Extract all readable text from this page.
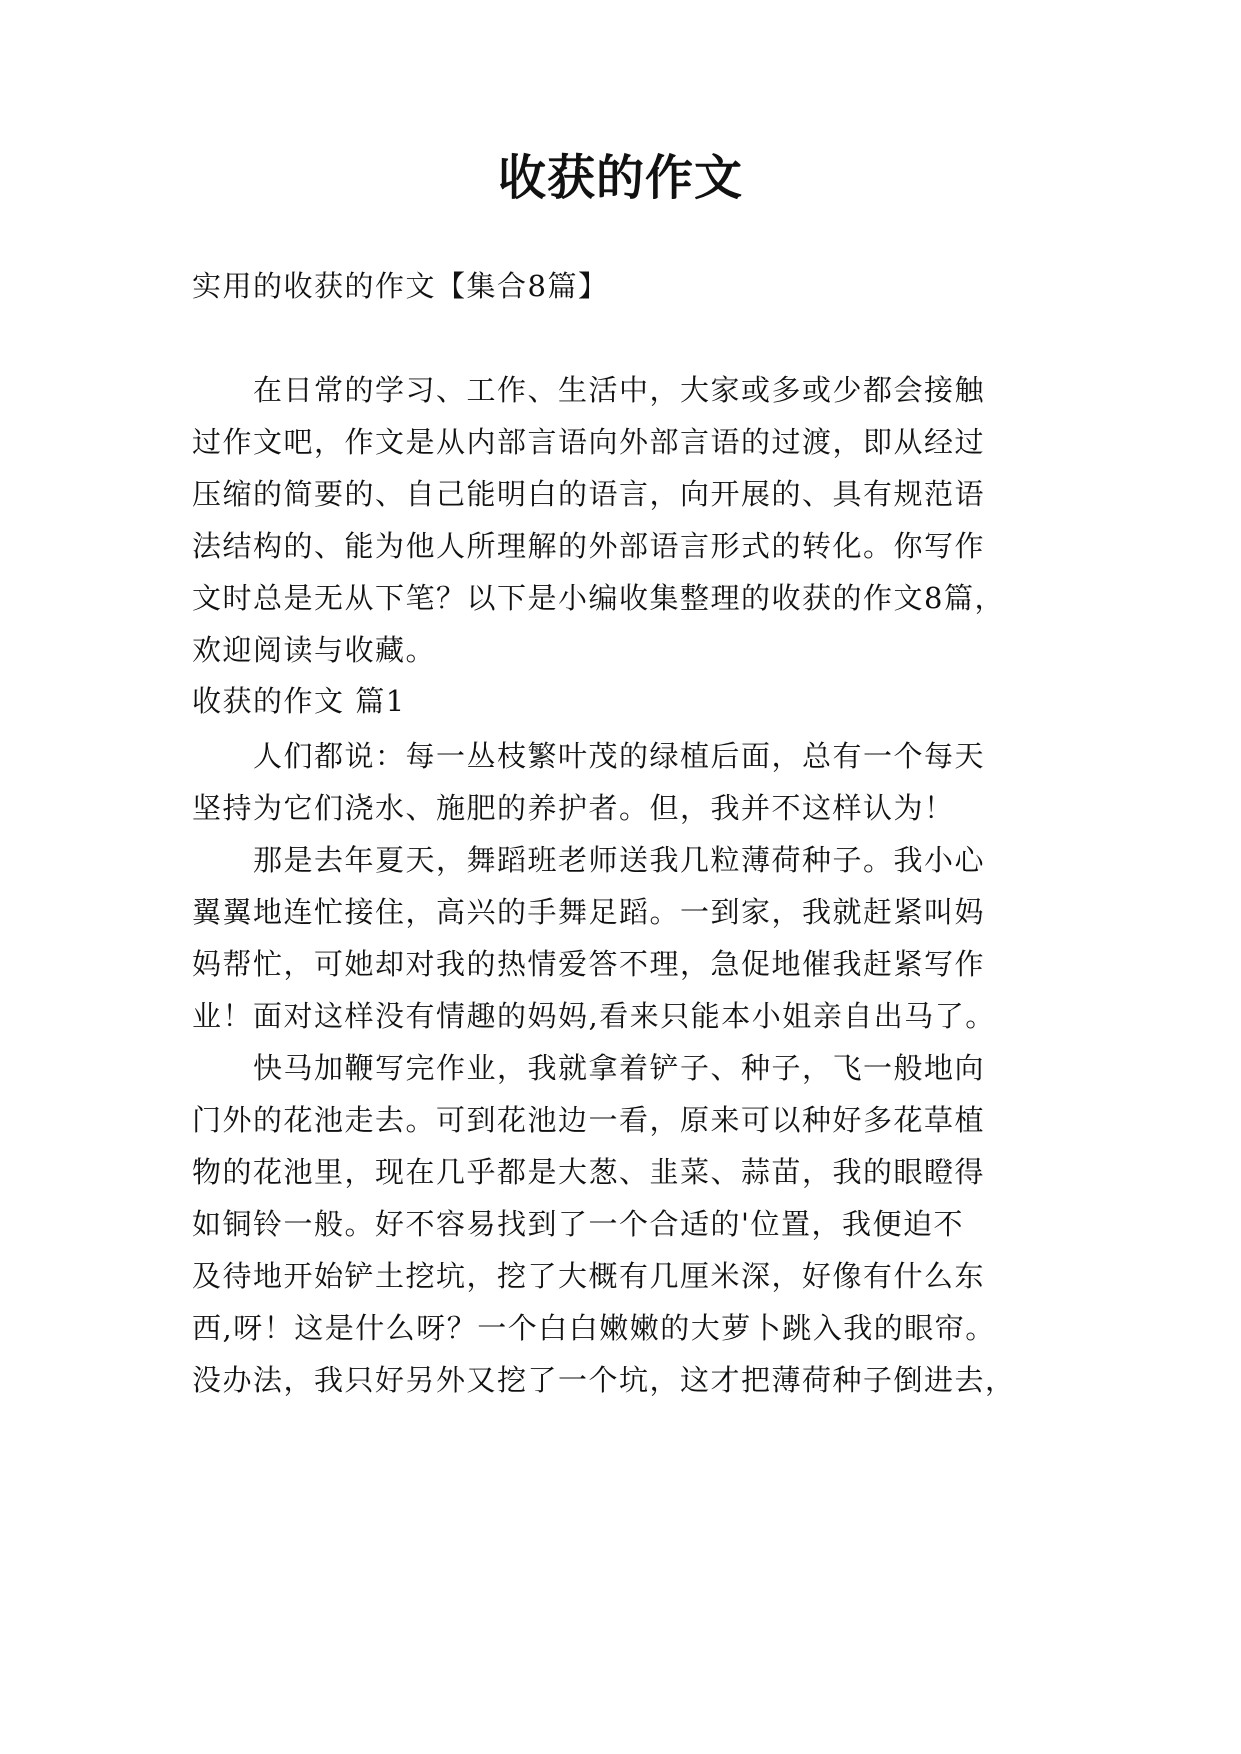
收获的作文

实用的收获的作文【集合8篇】

在日常的学习、工作、生活中，大家或多或少都会接触

过作文吧，作文是从内部言语向外部言语的过渡，即从经过

压缩的简要的、自己能明白的语言，向开展的、具有规范语

法结构的、能为他人所理解的外部语言形式的转化。你写作

文时总是无从下笔？以下是小编收集整理的收获的作文8篇，

欢迎阅读与收藏。

收获的作文 篇1

人们都说：每一丛枝繁叶茂的绿植后面，总有一个每天

坚持为它们浇水、施肥的养护者。但，我并不这样认为！

那是去年夏天，舞蹈班老师送我几粒薄荷种子。我小心

翼翼地连忙接住，高兴的手舞足蹈。一到家，我就赶紧叫妈

妈帮忙，可她却对我的热情爱答不理，急促地催我赶紧写作

业！面对这样没有情趣的妈妈,看来只能本小姐亲自出马了。

快马加鞭写完作业，我就拿着铲子、种子，飞一般地向

门外的花池走去。可到花池边一看，原来可以种好多花草植

物的花池里，现在几乎都是大葱、韭菜、蒜苗，我的眼瞪得

如铜铃一般。好不容易找到了一个合适的'位置，我便迫不

及待地开始铲土挖坑，挖了大概有几厘米深，好像有什么东

西,呀！这是什么呀？一个白白嫩嫩的大萝卜跳入我的眼帘。

没办法，我只好另外又挖了一个坑，这才把薄荷种子倒进去，
